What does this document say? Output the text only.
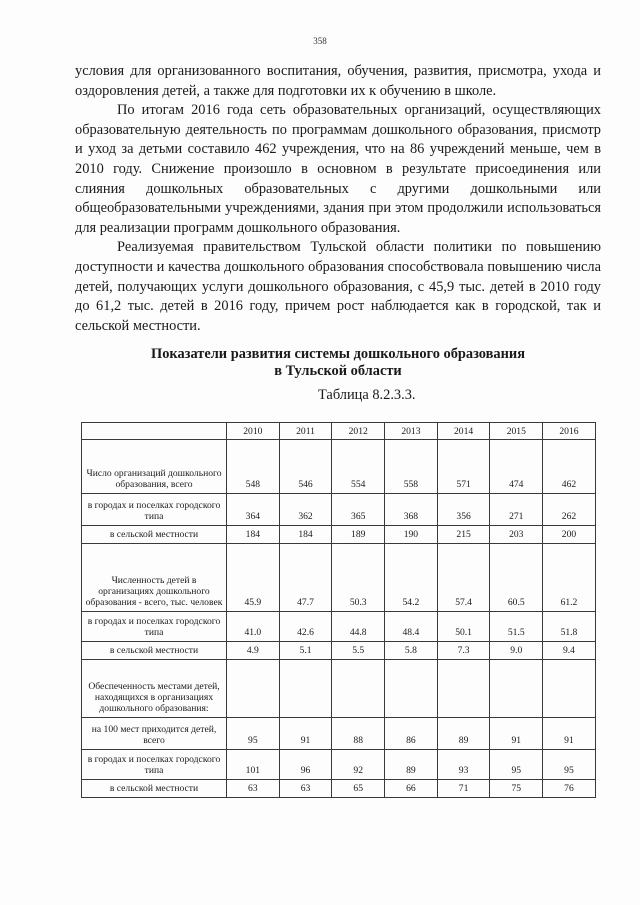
358

условия для организованного воспитания, обучения, развития, присмотра, ухода и оздоровления детей, а также для подготовки их к обучению в школе.

По итогам 2016 года сеть образовательных организаций, осуществляющих образовательную деятельность по программам дошкольного образования, присмотр и уход за детьми составило 462 учреждения, что на 86 учреждений меньше, чем в 2010 году. Снижение произошло в основном в результате присоединения или слияния дошкольных образовательных с другими дошкольными или общеобразовательными учреждениями, здания при этом продолжили использоваться для реализации программ дошкольного образования.

Реализуемая правительством Тульской области политики по повышению доступности и качества дошкольного образования способствовала повышению числа детей, получающих услуги дошкольного образования, с 45,9 тыс. детей в 2010 году до 61,2 тыс. детей в 2016 году, причем рост наблюдается как в городской, так и сельской местности.

Показатели развития системы дошкольного образования
в Тульской области
Таблица 8.2.3.3.
	2010	2011	2012	2013	2014	2015	2016
Число организаций дошкольного образования, всего	548	546	554	558	571	474	462
в городах и поселках городского типа	364	362	365	368	356	271	262
в сельской местности	184	184	189	190	215	203	200
Численность детей в организациях дошкольного образования - всего, тыс. человек	45.9	47.7	50.3	54.2	57.4	60.5	61.2
в городах и поселках городского типа	41.0	42.6	44.8	48.4	50.1	51.5	51.8
в сельской местности	4.9	5.1	5.5	5.8	7.3	9.0	9.4
Обеспеченность местами детей, находящихся в организациях дошкольного образования:							
на 100 мест приходится детей, всего	95	91	88	86	89	91	91
в городах и поселках городского типа	101	96	92	89	93	95	95
в сельской местности	63	63	65	66	71	75	76
